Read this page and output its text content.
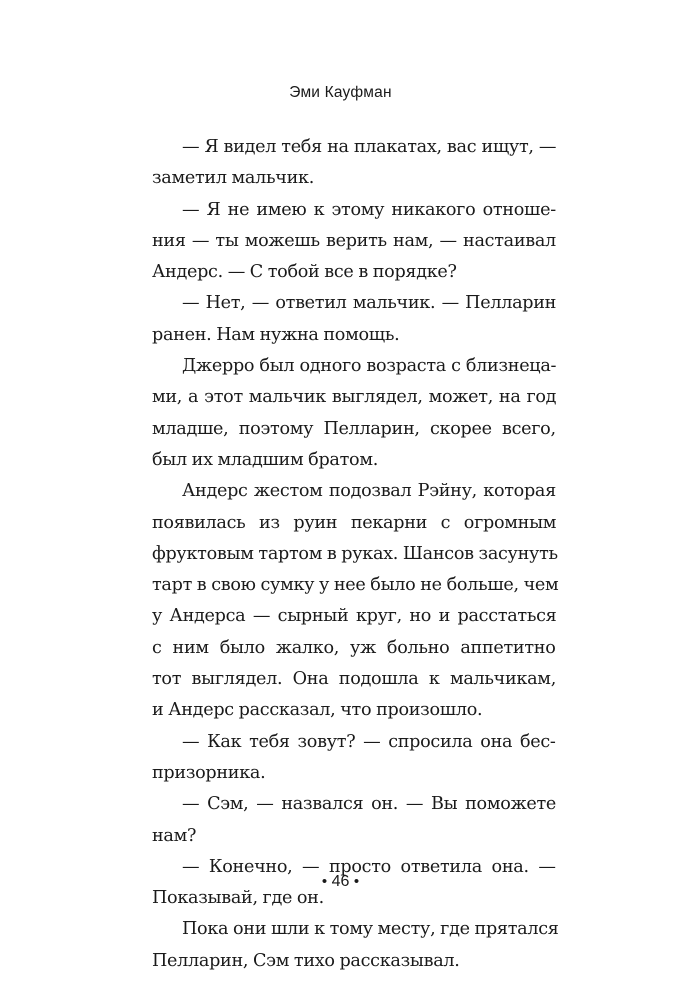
Эми Кауфман
— Я видел тебя на плакатах, вас ищут, —
заметил мальчик.
— Я не имею к этому никакого отноше-
ния — ты можешь верить нам, — настаивал
Андерс. — С тобой все в порядке?
— Нет, — ответил мальчик. — Пелларин
ранен. Нам нужна помощь.
Джерро был одного возраста с близнеца-
ми, а этот мальчик выглядел, может, на год
младше, поэтому Пелларин, скорее всего,
был их младшим братом.
Андерс жестом подозвал Рэйну, которая
появилась из руин пекарни с огромным
фруктовым тартом в руках. Шансов засунуть
тарт в свою сумку у нее было не больше, чем
у Андерса — сырный круг, но и расстаться
с ним было жалко, уж больно аппетитно
тот выглядел. Она подошла к мальчикам,
и Андерс рассказал, что произошло.
— Как тебя зовут? — спросила она бес-
призорника.
— Сэм, — назвался он. — Вы поможете
нам?
— Конечно, — просто ответила она. —
Показывай, где он.
Пока они шли к тому месту, где прятался
Пелларин, Сэм тихо рассказывал.
• 46 •
